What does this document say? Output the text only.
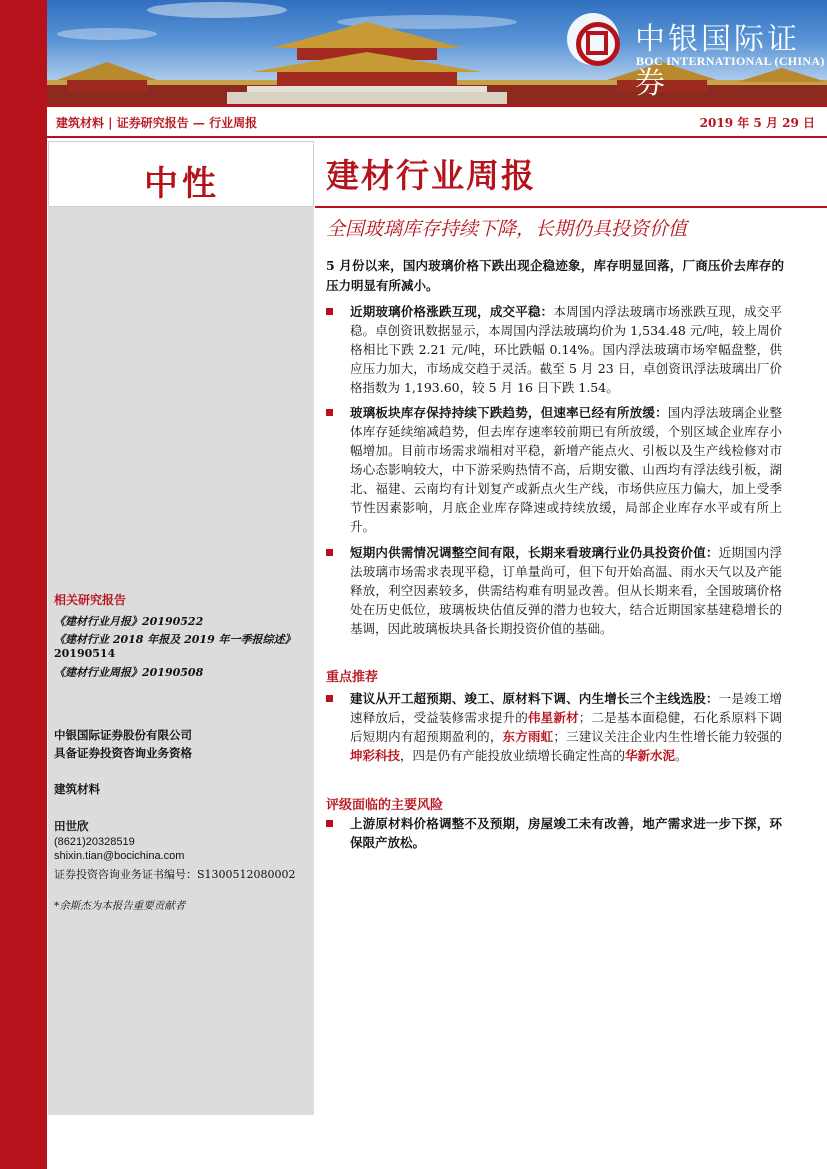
中银国际证券
BOC INTERNATIONAL (CHINA)
建筑材料 | 证券研究报告 — 行业周报	2019 年 5 月 29 日
中性
相关研究报告
《建材行业月报》20190522
《建材行业 2018 年报及 2019 年一季报综述》
20190514
《建材行业周报》20190508
中银国际证券股份有限公司
具备证券投资咨询业务资格
建筑材料
田世欣
(8621)20328519
shixin.tian@bocichina.com
证券投资咨询业务证书编号：S1300512080002
*余斯杰为本报告重要贡献者
建材行业周报
全国玻璃库存持续下降，长期仍具投资价值
5 月份以来，国内玻璃价格下跌出现企稳迹象，库存明显回落，厂商压价去库存的压力明显有所减小。
近期玻璃价格涨跌互现，成交平稳：本周国内浮法玻璃市场涨跌互现，成交平稳。卓创资讯数据显示，本周国内浮法玻璃均价为 1,534.48 元/吨，较上周价格相比下跌 2.21 元/吨，环比跌幅 0.14%。国内浮法玻璃市场窄幅盘整，供应压力加大，市场成交趋于灵活。截至 5 月 23 日，卓创资讯浮法玻璃出厂价格指数为 1,193.60，较 5 月 16 日下跌 1.54。
玻璃板块库存保持持续下跌趋势，但速率已经有所放缓：国内浮法玻璃企业整体库存延续缩减趋势，但去库存速率较前期已有所放缓，个别区域企业库存小幅增加。目前市场需求端相对平稳，新增产能点火、引板以及生产线检修对市场心态影响较大，中下游采购热情不高，后期安徽、山西均有浮法线引板，湖北、福建、云南均有计划复产或新点火生产线，市场供应压力偏大，加上受季节性因素影响，月底企业库存降速或持续放缓，局部企业库存水平或有所上升。
短期内供需情况调整空间有限，长期来看玻璃行业仍具投资价值：近期国内浮法玻璃市场需求表现平稳，订单量尚可，但下旬开始高温、雨水天气以及产能释放，利空因素较多，供需结构难有明显改善。但从长期来看，全国玻璃价格处在历史低位，玻璃板块估值反弹的潜力也较大，结合近期国家基建稳增长的基调，因此玻璃板块具备长期投资价值的基础。
重点推荐
建议从开工超预期、竣工、原材料下调、内生增长三个主线选股：一是竣工增速释放后，受益装修需求提升的伟星新材；二是基本面稳健，石化系原料下调后短期内有超预期盈利的，东方雨虹；三建议关注企业内生性增长能力较强的坤彩科技，四是仍有产能投放业绩增长确定性高的华新水泥。
评级面临的主要风险
上游原材料价格调整不及预期，房屋竣工未有改善，地产需求进一步下探，环保限产放松。
